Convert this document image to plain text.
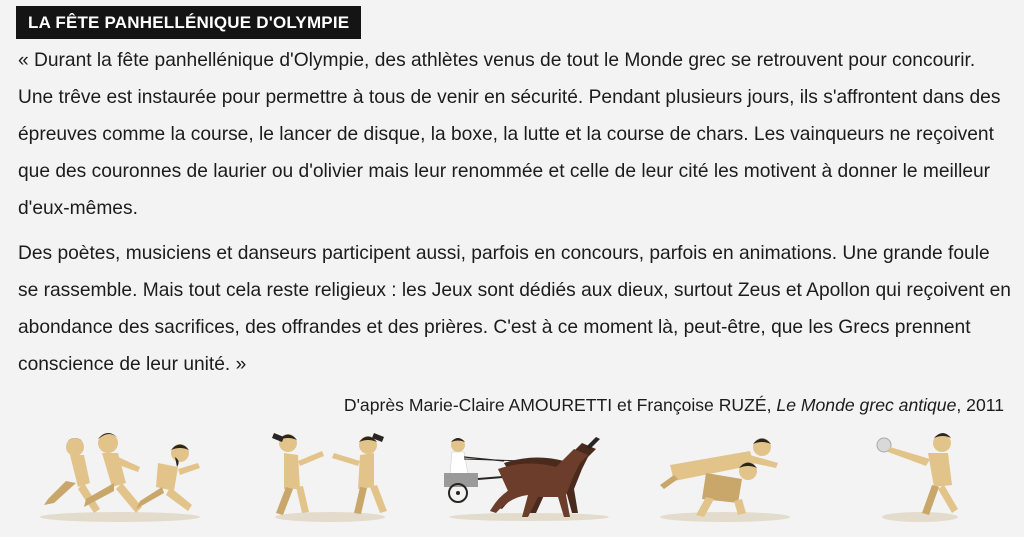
LA FÊTE PANHELLÉNIQUE D'OLYMPIE

« Durant la fête panhellénique d'Olympie, des athlètes venus de tout le Monde grec se retrouvent pour concourir. Une trêve est instaurée pour permettre à tous de venir en sécurité. Pendant plusieurs jours, ils s'affrontent dans des épreuves comme la course, le lancer de disque, la boxe, la lutte et la course de chars. Les vainqueurs ne reçoivent que des couronnes de laurier ou d'olivier mais leur renommée et celle de leur cité les motivent à donner le meilleur d'eux-mêmes.

Des poètes, musiciens et danseurs participent aussi, parfois en concours, parfois en animations. Une grande foule se rassemble. Mais tout cela reste religieux : les Jeux sont dédiés aux dieux, surtout Zeus et Apollon qui reçoivent en abondance des sacrifices, des offrandes et des prières. C'est à ce moment là, peut-être, que les Grecs prennent conscience de leur unité. »

D'après Marie-Claire AMOURETTI et Françoise RUZÉ, Le Monde grec antique, 2011
